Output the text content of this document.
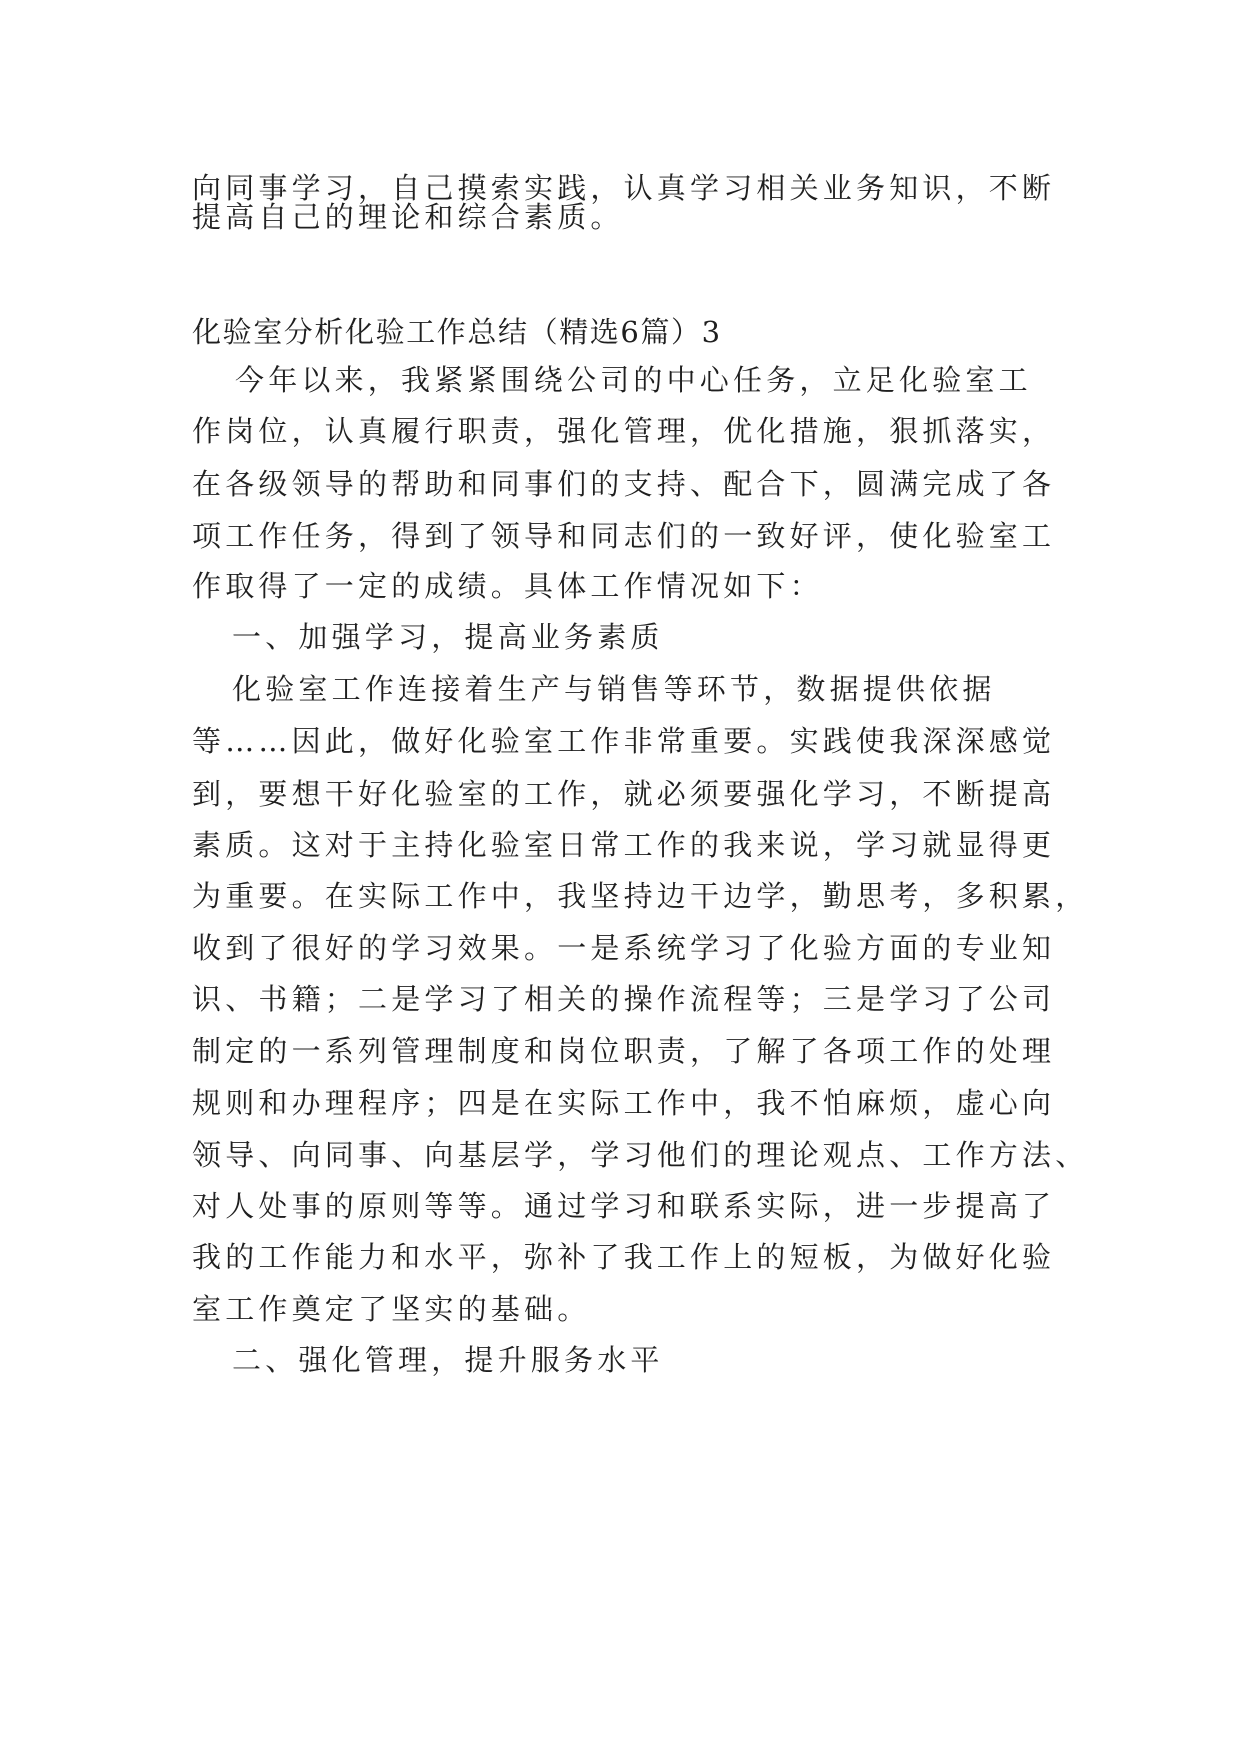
向同事学习，自己摸索实践，认真学习相关业务知识，不断
提高自己的理论和综合素质。
化验室分析化验工作总结（精选6篇）3
今年以来，我紧紧围绕公司的中心任务，立足化验室工
作岗位，认真履行职责，强化管理，优化措施，狠抓落实，
在各级领导的帮助和同事们的支持、配合下，圆满完成了各
项工作任务，得到了领导和同志们的一致好评，使化验室工
作取得了一定的成绩。具体工作情况如下：
一、加强学习，提高业务素质
化验室工作连接着生产与销售等环节，数据提供依据
等……因此，做好化验室工作非常重要。实践使我深深感觉
到，要想干好化验室的工作，就必须要强化学习，不断提高
素质。这对于主持化验室日常工作的我来说，学习就显得更
为重要。在实际工作中，我坚持边干边学，勤思考，多积累，
收到了很好的学习效果。一是系统学习了化验方面的专业知
识、书籍；二是学习了相关的操作流程等；三是学习了公司
制定的一系列管理制度和岗位职责，了解了各项工作的处理
规则和办理程序；四是在实际工作中，我不怕麻烦，虚心向
领导、向同事、向基层学，学习他们的理论观点、工作方法、
对人处事的原则等等。通过学习和联系实际，进一步提高了
我的工作能力和水平，弥补了我工作上的短板，为做好化验
室工作奠定了坚实的基础。
二、强化管理，提升服务水平
